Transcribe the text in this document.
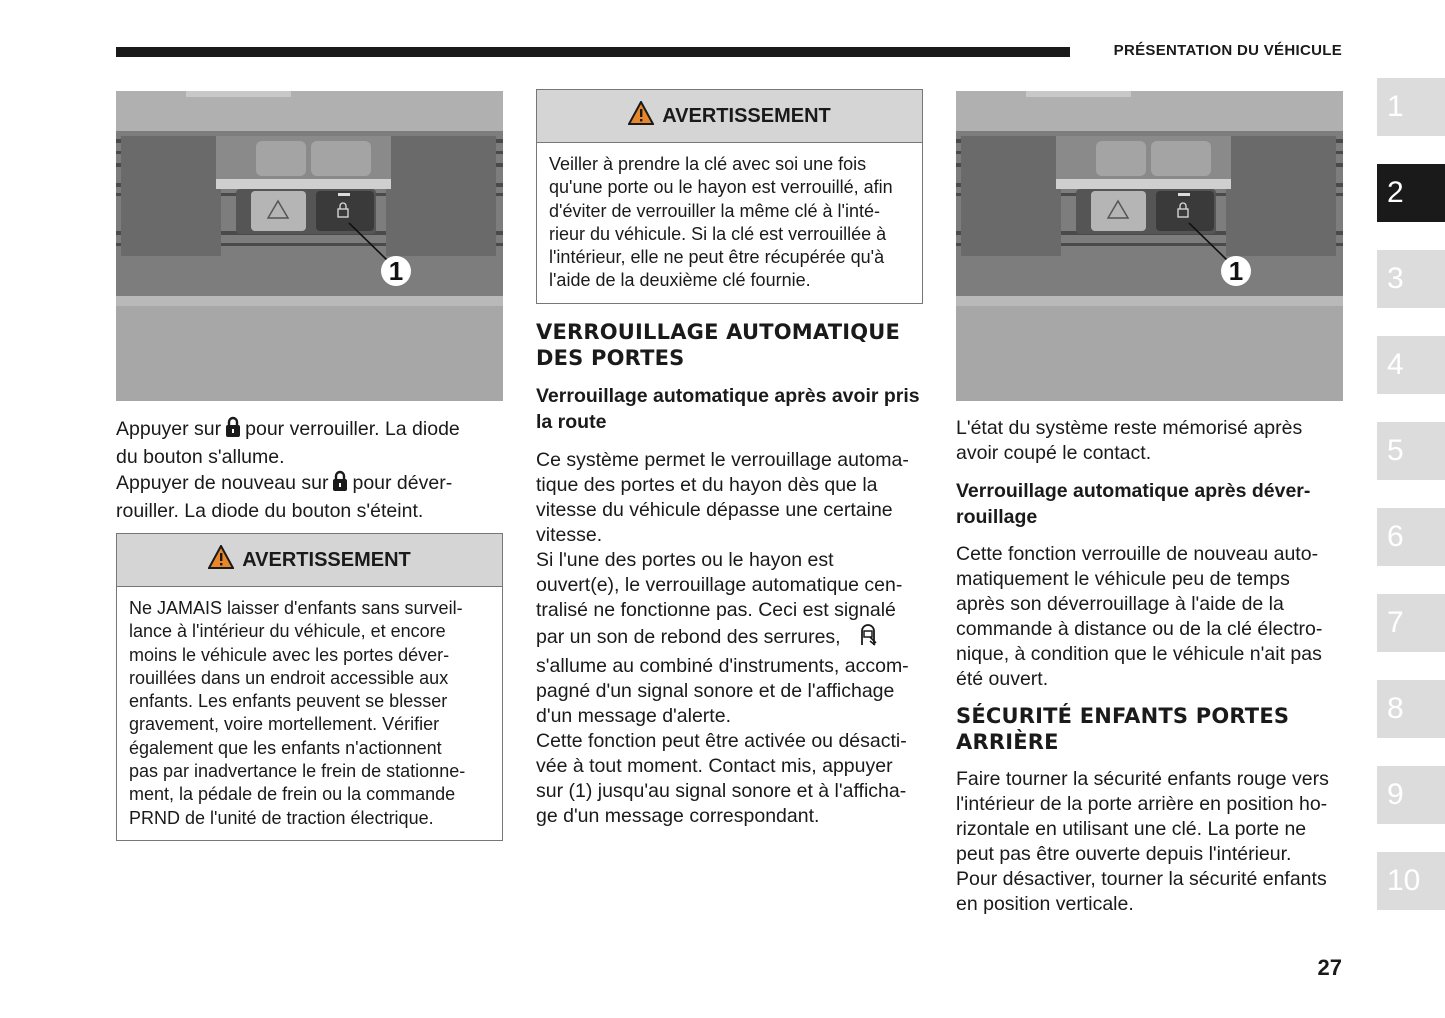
PRÉSENTATION DU VÉHICULE
1

Appuyer sur pour verrouiller. La diode
du bouton s'allume.
Appuyer de nouveau sur pour déver-
rouiller. La diode du bouton s'éteint.

AVERTISSEMENT
Ne JAMAIS laisser d'enfants sans surveil-
lance à l'intérieur du véhicule, et encore
moins le véhicule avec les portes déver-
rouillées dans un endroit accessible aux
enfants. Les enfants peuvent se blesser
gravement, voire mortellement. Vérifier
également que les enfants n'actionnent
pas par inadvertance le frein de stationne-
ment, la pédale de frein ou la commande
PRND de l'unité de traction électrique.
AVERTISSEMENT
Veiller à prendre la clé avec soi une fois
qu'une porte ou le hayon est verrouillé, afin
d'éviter de verrouiller la même clé à l'inté-
rieur du véhicule. Si la clé est verrouillée à
l'intérieur, elle ne peut être récupérée qu'à
l'aide de la deuxième clé fournie.
VERROUILLAGE AUTOMATIQUE
DES PORTES
Verrouillage automatique après avoir pris
la route
Ce système permet le verrouillage automa-
tique des portes et du hayon dès que la
vitesse du véhicule dépasse une certaine
vitesse.
Si l'une des portes ou le hayon est
ouvert(e), le verrouillage automatique cen-
tralisé ne fonctionne pas. Ceci est signalé
par un son de rebond des serrures,
s'allume au combiné d'instruments, accom-
pagné d'un signal sonore et de l'affichage
d'un message d'alerte.
Cette fonction peut être activée ou désacti-
vée à tout moment. Contact mis, appuyer
sur (1) jusqu'au signal sonore et à l'afficha-
ge d'un message correspondant.
1
L'état du système reste mémorisé après
avoir coupé le contact.
Verrouillage automatique après déver-
rouillage
Cette fonction verrouille de nouveau auto-
matiquement le véhicule peu de temps
après son déverrouillage à l'aide de la
commande à distance ou de la clé électro-
nique, à condition que le véhicule n'ait pas
été ouvert.
SÉCURITÉ ENFANTS PORTES
ARRIÈRE
Faire tourner la sécurité enfants rouge vers
l'intérieur de la porte arrière en position ho-
rizontale en utilisant une clé. La porte ne
peut pas être ouverte depuis l'intérieur.
Pour désactiver, tourner la sécurité enfants
en position verticale.
1
2
3
4
5
6
7
8
9
10
27
